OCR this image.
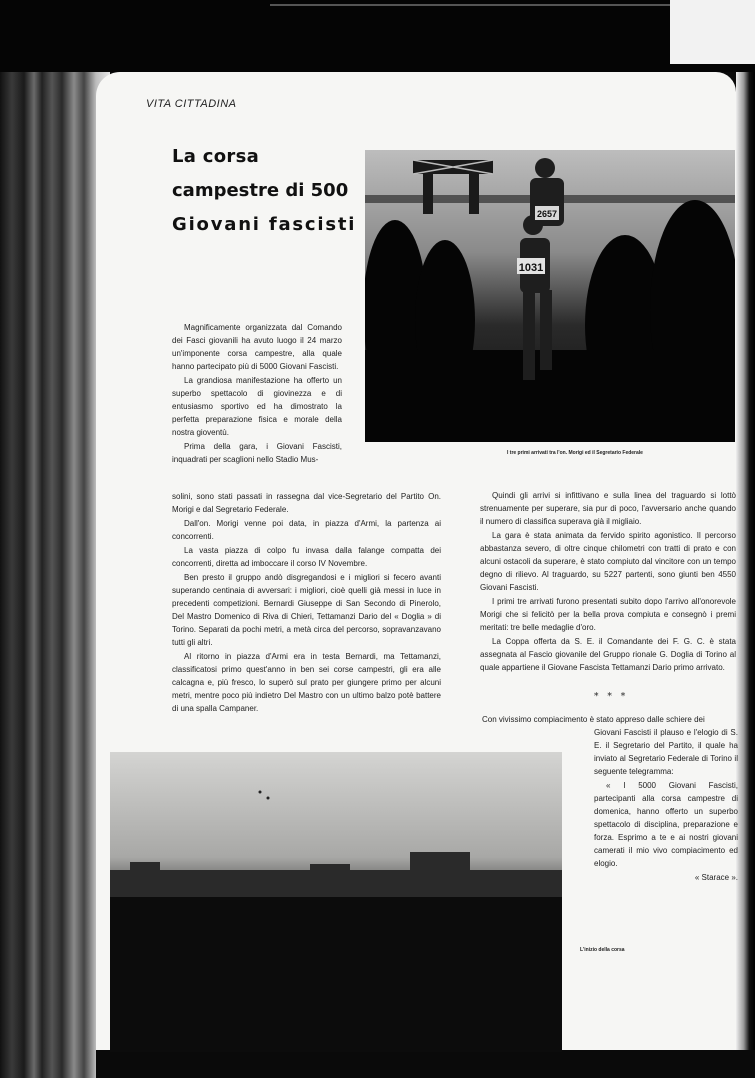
VITA CITTADINA
La corsa
campestre di 500
Giovani fascisti	2657
1031
I tre primi arrivati tra l'on. Morigi ed il Segretario Federale

Magnificamente organizzata dal Comando dei Fasci giovanili ha avuto luogo il 24 marzo un'imponente corsa campestre, alla quale hanno partecipato più di 5000 Giovani Fascisti.

La grandiosa manifestazione ha offerto un superbo spettacolo di giovinezza e di entusiasmo sportivo ed ha dimostrato la perfetta preparazione fisica e morale della nostra gioventù.

Prima della gara, i Giovani Fascisti, inquadrati per scaglioni nello Stadio Mus-

solini, sono stati passati in rassegna dal vice-Segretario del Partito On. Morigi e dal Segretario Federale.

Dall'on. Morigi venne poi data, in piazza d'Armi, la partenza ai concorrenti.

La vasta piazza di colpo fu invasa dalla falange compatta dei concorrenti, diretta ad imboccare il corso IV Novembre.

Ben presto il gruppo andò disgregandosi e i migliori si fecero avanti superando centinaia di avversari: i migliori, cioè quelli già messi in luce in precedenti competizioni. Bernardi Giuseppe di San Secondo di Pinerolo, Del Mastro Domenico di Riva di Chieri, Tettamanzi Dario del « Doglia » di Torino. Separati da pochi metri, a metà circa del percorso, sopravanzavano tutti gli altri.

Al ritorno in piazza d'Armi era in testa Bernardi, ma Tettamanzi, classificatosi primo quest'anno in ben sei corse campestri, gli era alle calcagna e, più fresco, lo superò sul prato per giungere primo per alcuni metri, mentre poco più indietro Del Mastro con un ultimo balzo potè battere di una spalla Campaner.

Quindi gli arrivi si infittivano e sulla linea del traguardo si lottò strenuamente per superare, sia pur di poco, l'avversario anche quando il numero di classifica superava già il migliaio.

La gara è stata animata da fervido spirito agonistico. Il percorso abbastanza severo, di oltre cinque chilometri con tratti di prato e con alcuni ostacoli da superare, è stato compiuto dal vincitore con un tempo degno di rilievo. Al traguardo, su 5227 partenti, sono giunti ben 4550 Giovani Fascisti.

I primi tre arrivati furono presentati subito dopo l'arrivo all'onorevole Morigi che si felicitò per la bella prova compiuta e consegnò i premi meritati: tre belle medaglie d'oro.

La Coppa offerta da S. E. il Comandante dei F. G. C. è stata assegnata al Fascio giovanile del Gruppo rionale G. Doglia di Torino al quale appartiene il Giovane Fascista Tettamanzi Dario primo arrivato.

* * *

Con vivissimo compiacimento è stato appreso dalle schiere dei

Giovani Fascisti il plauso e l'elogio di S. E. il Segretario del Partito, il quale ha inviato al Segretario Federale di Torino il seguente telegramma:

« I 5000 Giovani Fascisti, partecipanti alla corsa campestre di domenica, hanno offerto un superbo spettacolo di disciplina, preparazione e forza. Esprimo a te e ai nostri giovani camerati il mio vivo compiacimento ed elogio.

« Starace ».

L'inizio della corsa
